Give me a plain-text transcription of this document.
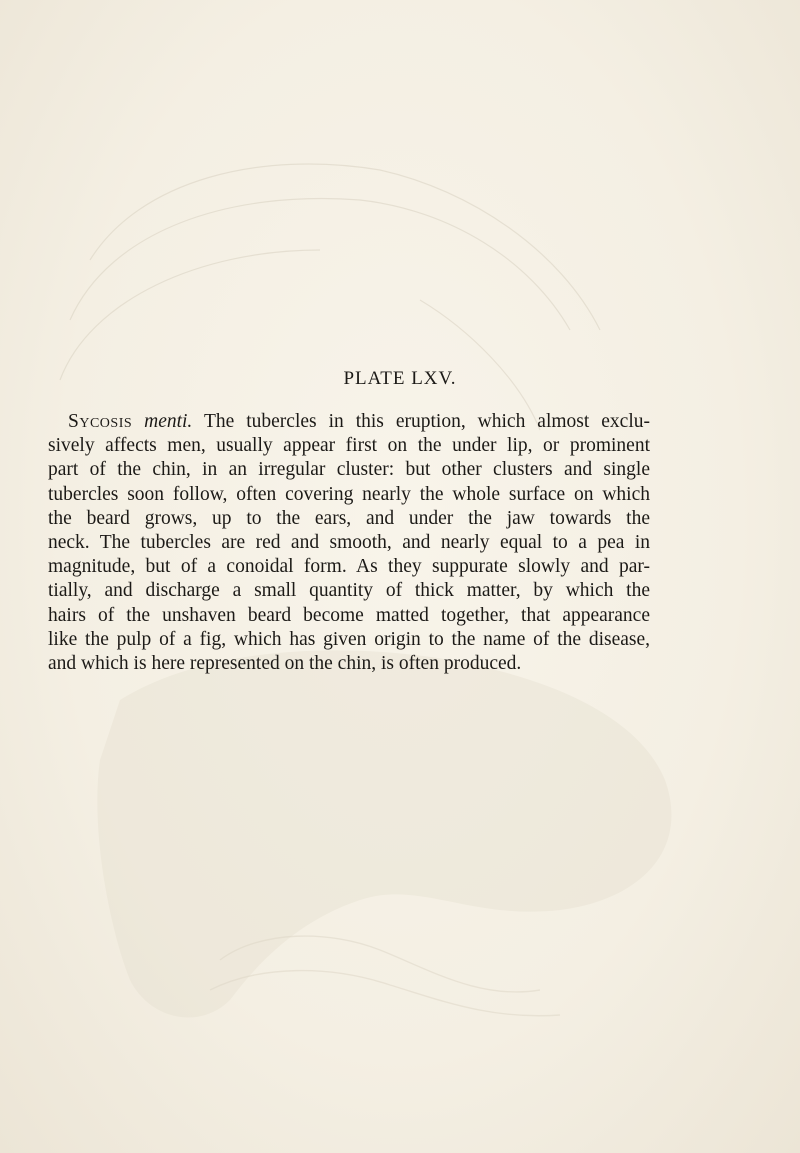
PLATE LXV.
Sycosis menti. The tubercles in this eruption, which almost exclu-
sively affects men, usually appear first on the under lip, or prominent
part of the chin, in an irregular cluster: but other clusters and single
tubercles soon follow, often covering nearly the whole surface on which
the beard grows, up to the ears, and under the jaw towards the
neck. The tubercles are red and smooth, and nearly equal to a pea in
magnitude, but of a conoidal form. As they suppurate slowly and par-
tially, and discharge a small quantity of thick matter, by which the
hairs of the unshaven beard become matted together, that appearance
like the pulp of a fig, which has given origin to the name of the disease,
and which is here represented on the chin, is often produced.
